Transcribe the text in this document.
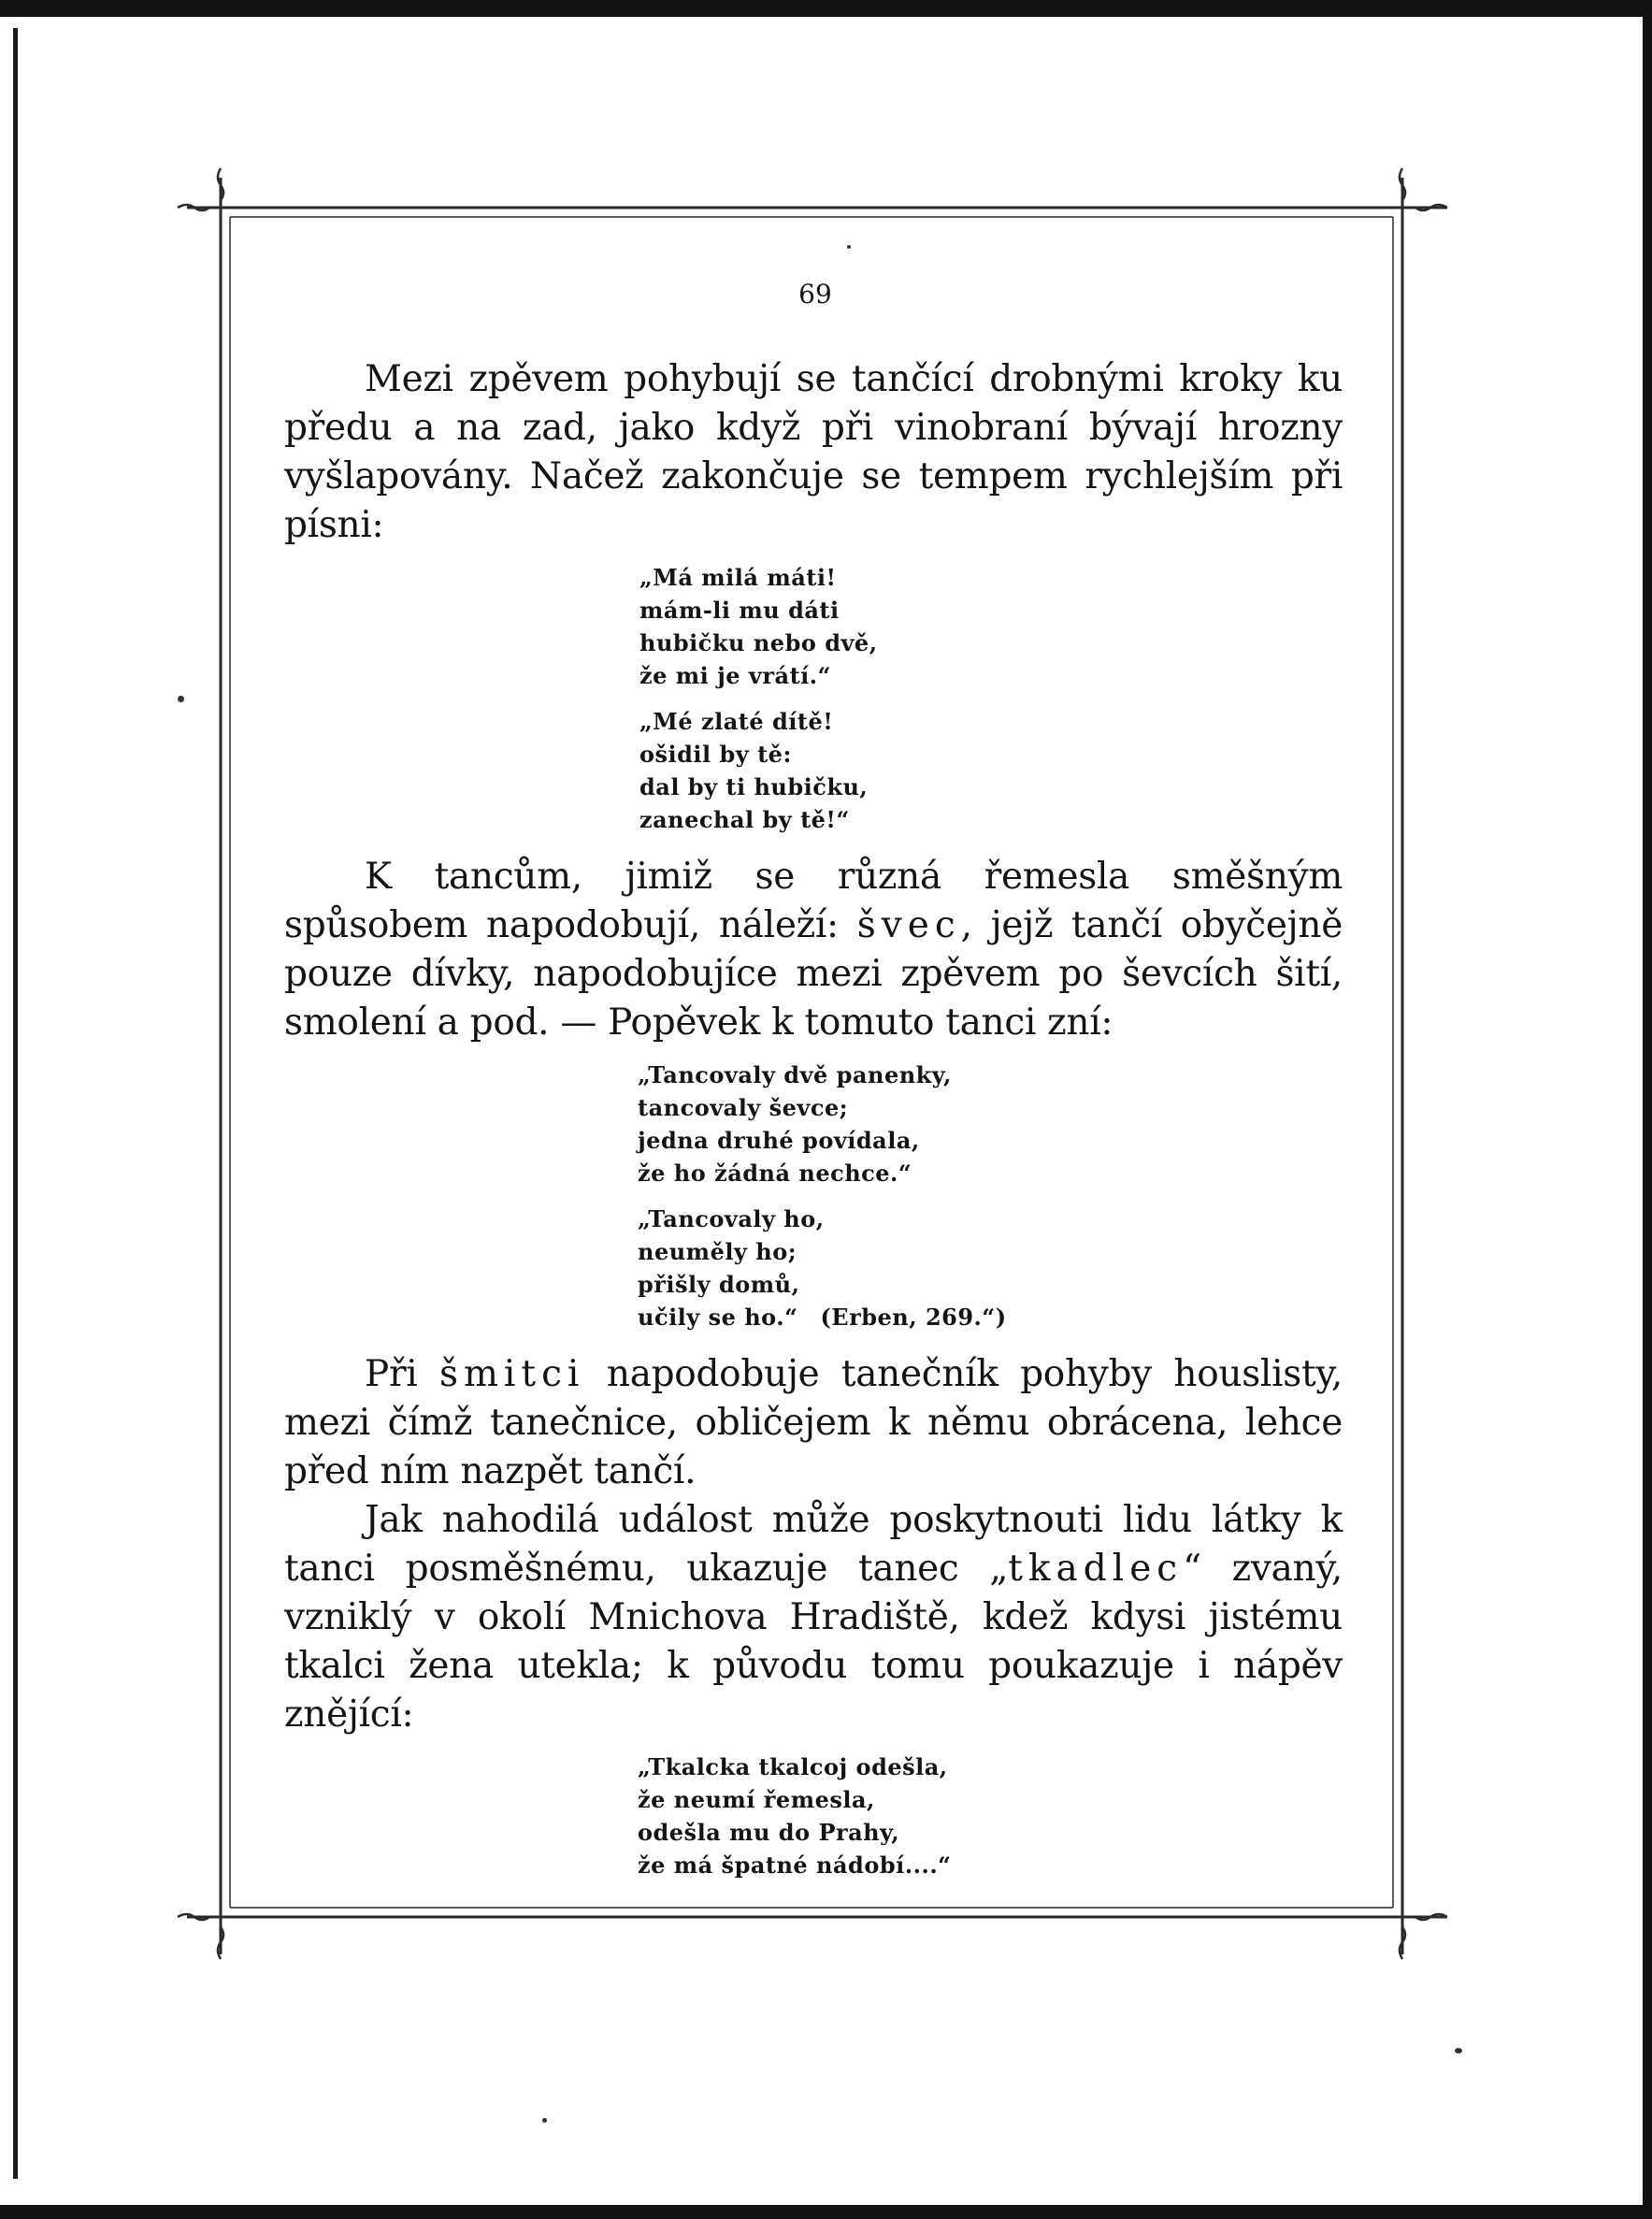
69

Mezi zpěvem pohybují se tančící drobnými kroky ku předu a na zad, jako když při vinobraní bývají hrozny vyšlapovány. Načež zakončuje se tempem rychlejším při písni:

„Má milá máti!
mám-li mu dáti
hubičku nebo dvě,
že mi je vrátí.“
„Mé zlaté dítě!
ošidil by tě:
dal by ti hubičku,
zanechal by tě!“

K tancům, jimiž se různá řemesla směšným spůsobem napodobují, náleží: švec, jejž tančí obyčejně pouze dívky, napodobujíce mezi zpěvem po ševcích šití, smolení a pod. — Popěvek k tomuto tanci zní:

„Tancovaly dvě panenky,
tancovaly ševce;
jedna druhé povídala,
že ho žádná nechce.“
„Tancovaly ho,
neuměly ho;
přišly domů,
učily se ho.“ (Erben, 269.“)

Při šmitci napodobuje tanečník pohyby houslisty, mezi čímž tanečnice, obličejem k němu obrácena, lehce před ním nazpět tančí.

Jak nahodilá událost může poskytnouti lidu látky k tanci posměšnému, ukazuje tanec „tkadlec“ zvaný, vzniklý v okolí Mnichova Hradiště, kdež kdysi jistému tkalci žena utekla; k původu tomu poukazuje i nápěv znějící:

„Tkalcka tkalcoj odešla,
že neumí řemesla,
odešla mu do Prahy,
že má špatné nádobí....“
